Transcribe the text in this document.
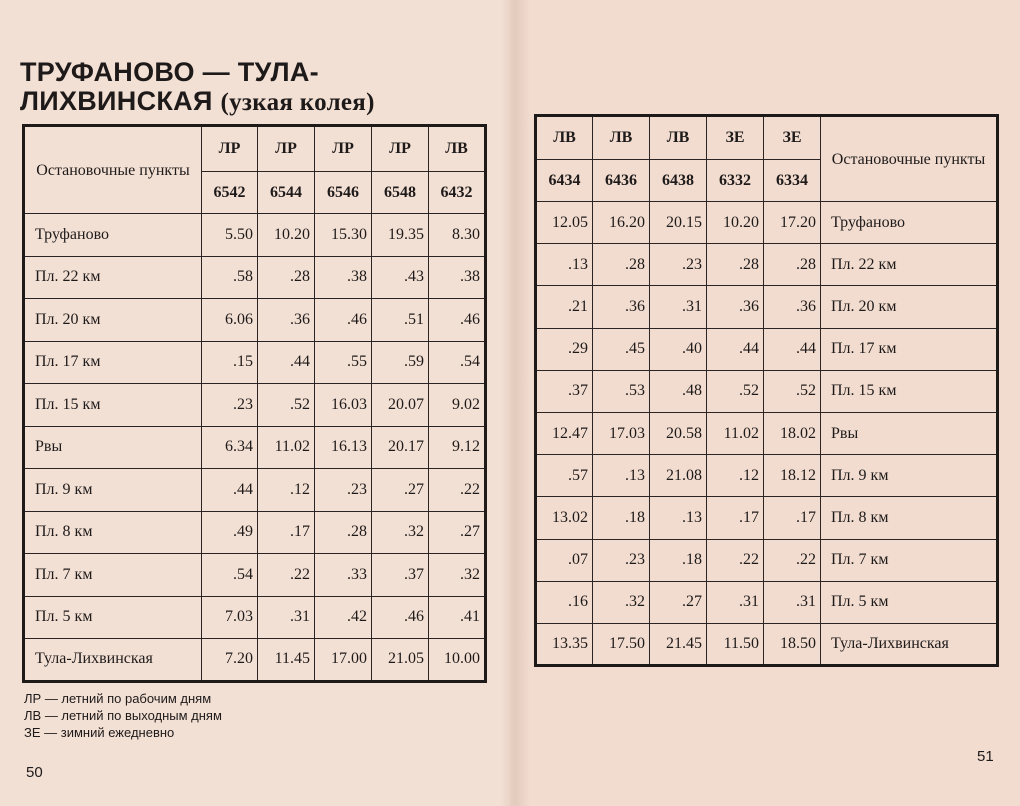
ТРУФАНОВО — ТУЛА-
ЛИХВИНСКАЯ (узкая колея)
Остановочные пункты	ЛР	ЛР	ЛР	ЛР	ЛВ
	6542	6544	6546	6548	6432
Труфаново	5.50	10.20	15.30	19.35	8.30
Пл. 22 км	.58	.28	.38	.43	.38
Пл. 20 км	6.06	.36	.46	.51	.46
Пл. 17 км	.15	.44	.55	.59	.54
Пл. 15 км	.23	.52	16.03	20.07	9.02
Рвы	6.34	11.02	16.13	20.17	9.12
Пл. 9 км	.44	.12	.23	.27	.22
Пл. 8 км	.49	.17	.28	.32	.27
Пл. 7 км	.54	.22	.33	.37	.32
Пл. 5 км	7.03	.31	.42	.46	.41
Тула-Лихвинская	7.20	11.45	17.00	21.05	10.00
ЛВ	ЛВ	ЛВ	ЗЕ	ЗЕ	Остановочные пункты
6434	6436	6438	6332	6334	
12.05	16.20	20.15	10.20	17.20	Труфаново
.13	.28	.23	.28	.28	Пл. 22 км
.21	.36	.31	.36	.36	Пл. 20 км
.29	.45	.40	.44	.44	Пл. 17 км
.37	.53	.48	.52	.52	Пл. 15 км
12.47	17.03	20.58	11.02	18.02	Рвы
.57	.13	21.08	.12	18.12	Пл. 9 км
13.02	.18	.13	.17	.17	Пл. 8 км
.07	.23	.18	.22	.22	Пл. 7 км
.16	.32	.27	.31	.31	Пл. 5 км
13.35	17.50	21.45	11.50	18.50	Тула-Лихвинская
ЛР — летний по рабочим дням
ЛВ — летний по выходным дням
ЗЕ — зимний ежедневно
50
51
